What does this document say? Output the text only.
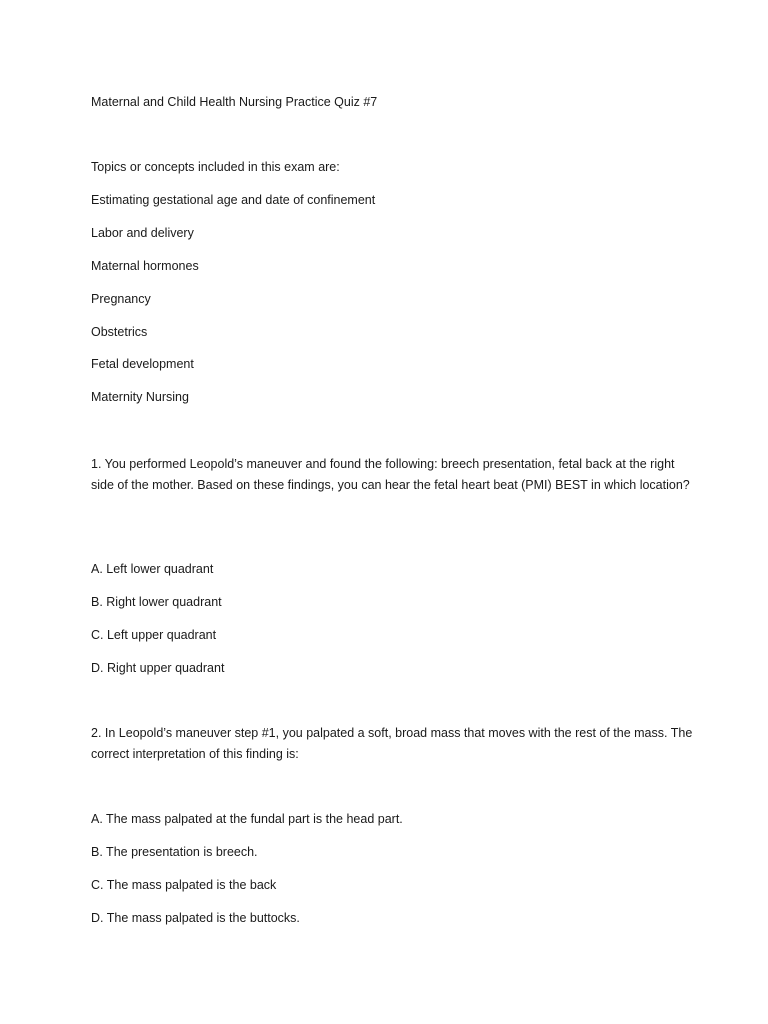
Maternal and Child Health Nursing Practice Quiz #7
Topics or concepts included in this exam are:
Estimating gestational age and date of confinement
Labor and delivery
Maternal hormones
Pregnancy
Obstetrics
Fetal development
Maternity Nursing
1. You performed Leopold’s maneuver and found the following: breech presentation, fetal back at the right side of the mother. Based on these findings, you can hear the fetal heart beat (PMI) BEST in which location?
A. Left lower quadrant
B. Right lower quadrant
C. Left upper quadrant
D. Right upper quadrant
2. In Leopold’s maneuver step #1, you palpated a soft, broad mass that moves with the rest of the mass. The correct interpretation of this finding is:
A. The mass palpated at the fundal part is the head part.
B. The presentation is breech.
C. The mass palpated is the back
D. The mass palpated is the buttocks.
